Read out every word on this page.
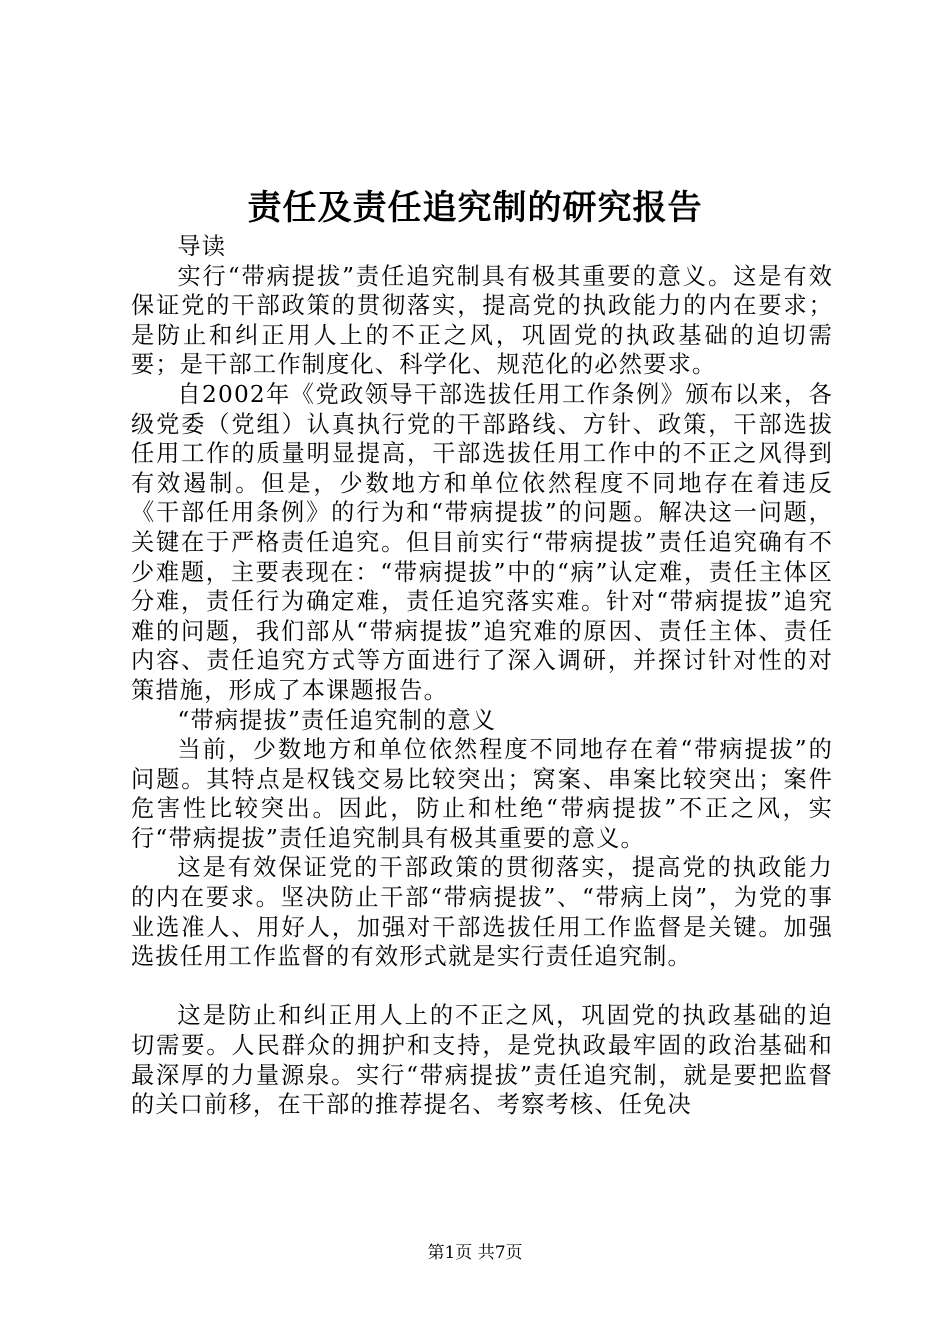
责任及责任追究制的研究报告

导读

实行“带病提拔”责任追究制具有极其重要的意义。这是有效保证党的干部政策的贯彻落实，提高党的执政能力的内在要求；是防止和纠正用人上的不正之风，巩固党的执政基础的迫切需要；是干部工作制度化、科学化、规范化的必然要求。

自2002年《党政领导干部选拔任用工作条例》颁布以来，各级党委（党组）认真执行党的干部路线、方针、政策，干部选拔任用工作的质量明显提高，干部选拔任用工作中的不正之风得到有效遏制。但是，少数地方和单位依然程度不同地存在着违反《干部任用条例》的行为和“带病提拔”的问题。解决这一问题，关键在于严格责任追究。但目前实行“带病提拔”责任追究确有不少难题，主要表现在：“带病提拔”中的“病”认定难，责任主体区分难，责任行为确定难，责任追究落实难。针对“带病提拔”追究难的问题，我们部从“带病提拔”追究难的原因、责任主体、责任内容、责任追究方式等方面进行了深入调研，并探讨针对性的对策措施，形成了本课题报告。

“带病提拔”责任追究制的意义

当前，少数地方和单位依然程度不同地存在着“带病提拔”的问题。其特点是权钱交易比较突出；窝案、串案比较突出；案件危害性比较突出。因此，防止和杜绝“带病提拔”不正之风，实行“带病提拔”责任追究制具有极其重要的意义。

这是有效保证党的干部政策的贯彻落实，提高党的执政能力的内在要求。坚决防止干部“带病提拔”、“带病上岗”，为党的事业选准人、用好人，加强对干部选拔任用工作监督是关键。加强选拔任用工作监督的有效形式就是实行责任追究制。

这是防止和纠正用人上的不正之风，巩固党的执政基础的迫切需要。人民群众的拥护和支持，是党执政最牢固的政治基础和最深厚的力量源泉。实行“带病提拔”责任追究制，就是要把监督的关口前移，在干部的推荐提名、考察考核、任免决

第1页 共7页
